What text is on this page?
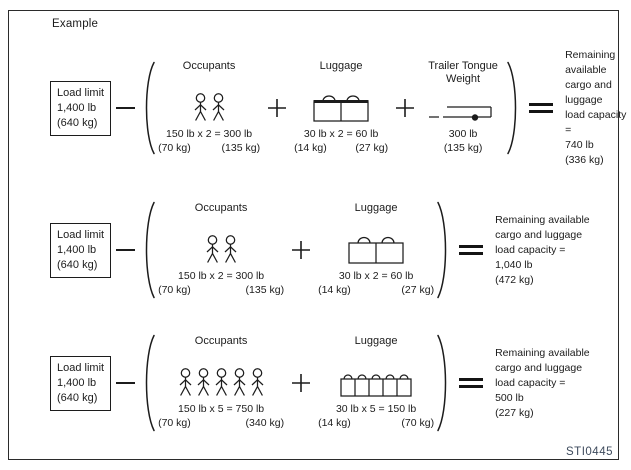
Example
Load limit
1,400 lb
(640 kg)
Occupants
150 lb x 2 = 300 lb
(70 kg)	(135 kg)
Luggage
30 lb x 2 = 60 lb
(14 kg)	(27 kg)
Trailer Tongue Weight
300 lb
(135 kg)
Remaining available
cargo and luggage
load capacity =
740 lb
(336 kg)
Load limit
1,400 lb
(640 kg)
Occupants
150 lb x 2 = 300 lb
(70 kg)	(135 kg)
Luggage
30 lb x 2 = 60 lb
(14 kg)	(27 kg)
Remaining available
cargo and luggage
load capacity =
1,040 lb
(472 kg)
Load limit
1,400 lb
(640 kg)
Occupants
150 lb x 5 = 750 lb
(70 kg)	(340 kg)
Luggage
30 lb x 5 = 150 lb
(14 kg)	(70 kg)
Remaining available
cargo and luggage
load capacity =
500 lb
(227 kg)
STI0445
